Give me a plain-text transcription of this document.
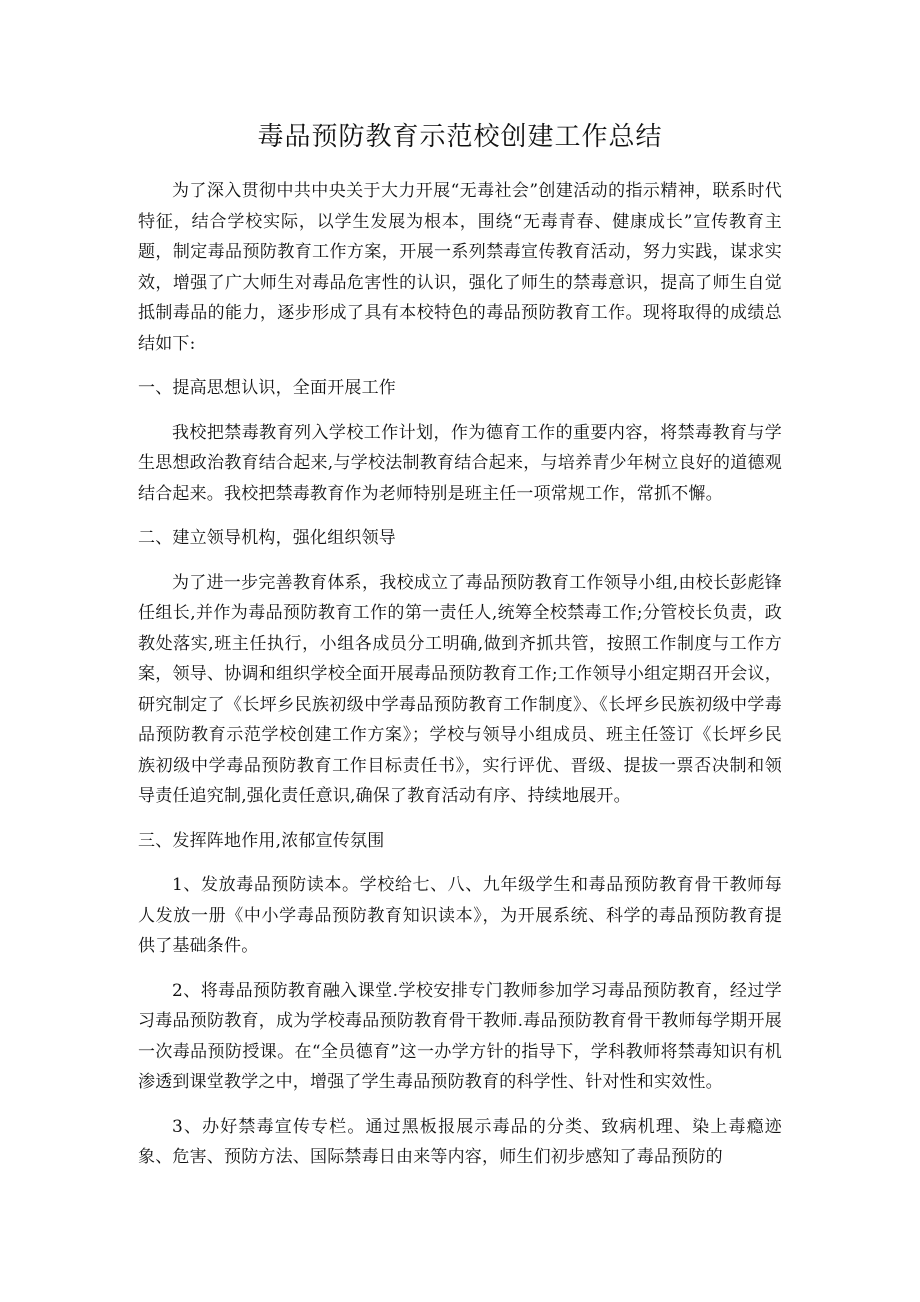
毒品预防教育示范校创建工作总结

为了深入贯彻中共中央关于大力开展“无毒社会”创建活动的指示精神，联系时代特征，结合学校实际，以学生发展为根本，围绕“无毒青春、健康成长”宣传教育主题，制定毒品预防教育工作方案，开展一系列禁毒宣传教育活动，努力实践，谋求实效，增强了广大师生对毒品危害性的认识，强化了师生的禁毒意识，提高了师生自觉抵制毒品的能力，逐步形成了具有本校特色的毒品预防教育工作。现将取得的成绩总结如下:

一、提高思想认识，全面开展工作

我校把禁毒教育列入学校工作计划，作为德育工作的重要内容，将禁毒教育与学生思想政治教育结合起来,与学校法制教育结合起来，与培养青少年树立良好的道德观结合起来。我校把禁毒教育作为老师特别是班主任一项常规工作，常抓不懈。

二、建立领导机构，强化组织领导

为了进一步完善教育体系，我校成立了毒品预防教育工作领导小组,由校长彭彪锋任组长,并作为毒品预防教育工作的第一责任人,统筹全校禁毒工作;分管校长负责，政教处落实,班主任执行，小组各成员分工明确,做到齐抓共管，按照工作制度与工作方案，领导、协调和组织学校全面开展毒品预防教育工作;工作领导小组定期召开会议，研究制定了《长坪乡民族初级中学毒品预防教育工作制度》、《长坪乡民族初级中学毒品预防教育示范学校创建工作方案》；学校与领导小组成员、班主任签订《长坪乡民族初级中学毒品预防教育工作目标责任书》，实行评优、晋级、提拔一票否决制和领导责任追究制,强化责任意识,确保了教育活动有序、持续地展开。

三、发挥阵地作用,浓郁宣传氛围

1、发放毒品预防读本。学校给七、八、九年级学生和毒品预防教育骨干教师每人发放一册《中小学毒品预防教育知识读本》，为开展系统、科学的毒品预防教育提供了基础条件。

2、将毒品预防教育融入课堂.学校安排专门教师参加学习毒品预防教育，经过学习毒品预防教育，成为学校毒品预防教育骨干教师.毒品预防教育骨干教师每学期开展一次毒品预防授课。在“全员德育”这一办学方针的指导下，学科教师将禁毒知识有机渗透到课堂教学之中，增强了学生毒品预防教育的科学性、针对性和实效性。

3、办好禁毒宣传专栏。通过黑板报展示毒品的分类、致病机理、染上毒瘾迹象、危害、预防方法、国际禁毒日由来等内容，师生们初步感知了毒品预防的
